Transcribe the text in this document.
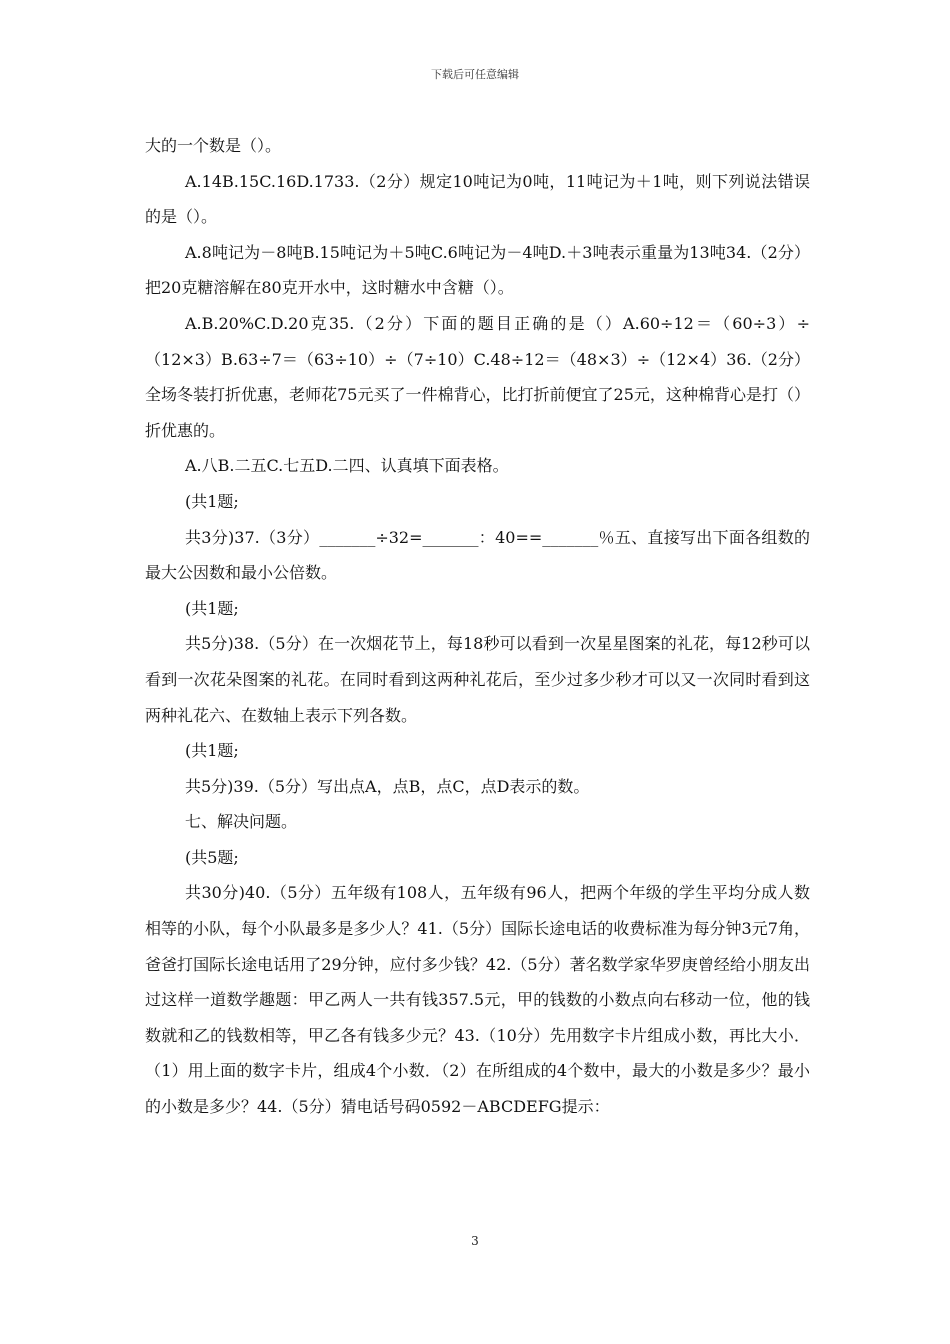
下载后可任意编辑

大的一个数是（）。

A.14B.15C.16D.1733.（2分）规定10吨记为0吨，11吨记为＋1吨，则下列说法错误的是（）。

A.8吨记为－8吨B.15吨记为＋5吨C.6吨记为－4吨D.＋3吨表示重量为13吨34.（2分）把20克糖溶解在80克开水中，这时糖水中含糖（）。

A.B.20%C.D.20克35.（2分）下面的题目正确的是（）A.60÷12＝（60÷3）÷（12×3）B.63÷7＝（63÷10）÷（7÷10）C.48÷12＝（48×3）÷（12×4）36.（2分）全场冬装打折优惠，老师花75元买了一件棉背心，比打折前便宜了25元，这种棉背心是打（）折优惠的。

A.八B.二五C.七五D.二四、认真填下面表格。

(共1题;

共3分)37.（3分）_______÷32=_______：40==_______％五、直接写出下面各组数的最大公因数和最小公倍数。

(共1题;

共5分)38.（5分）在一次烟花节上，每18秒可以看到一次星星图案的礼花，每12秒可以看到一次花朵图案的礼花。在同时看到这两种礼花后，至少过多少秒才可以又一次同时看到这两种礼花六、在数轴上表示下列各数。

(共1题;

共5分)39.（5分）写出点A，点B，点C，点D表示的数。

七、解决问题。

(共5题;

共30分)40.（5分）五年级有108人，五年级有96人，把两个年级的学生平均分成人数相等的小队，每个小队最多是多少人？41.（5分）国际长途电话的收费标准为每分钟3元7角，爸爸打国际长途电话用了29分钟，应付多少钱？42.（5分）著名数学家华罗庚曾经给小朋友出过这样一道数学趣题：甲乙两人一共有钱357.5元，甲的钱数的小数点向右移动一位，他的钱数就和乙的钱数相等，甲乙各有钱多少元？43.（10分）先用数字卡片组成小数，再比大小．（1）用上面的数字卡片，组成4个小数．（2）在所组成的4个数中，最大的小数是多少？最小的小数是多少？44.（5分）猜电话号码0592－ABCDEFG提示：

3
